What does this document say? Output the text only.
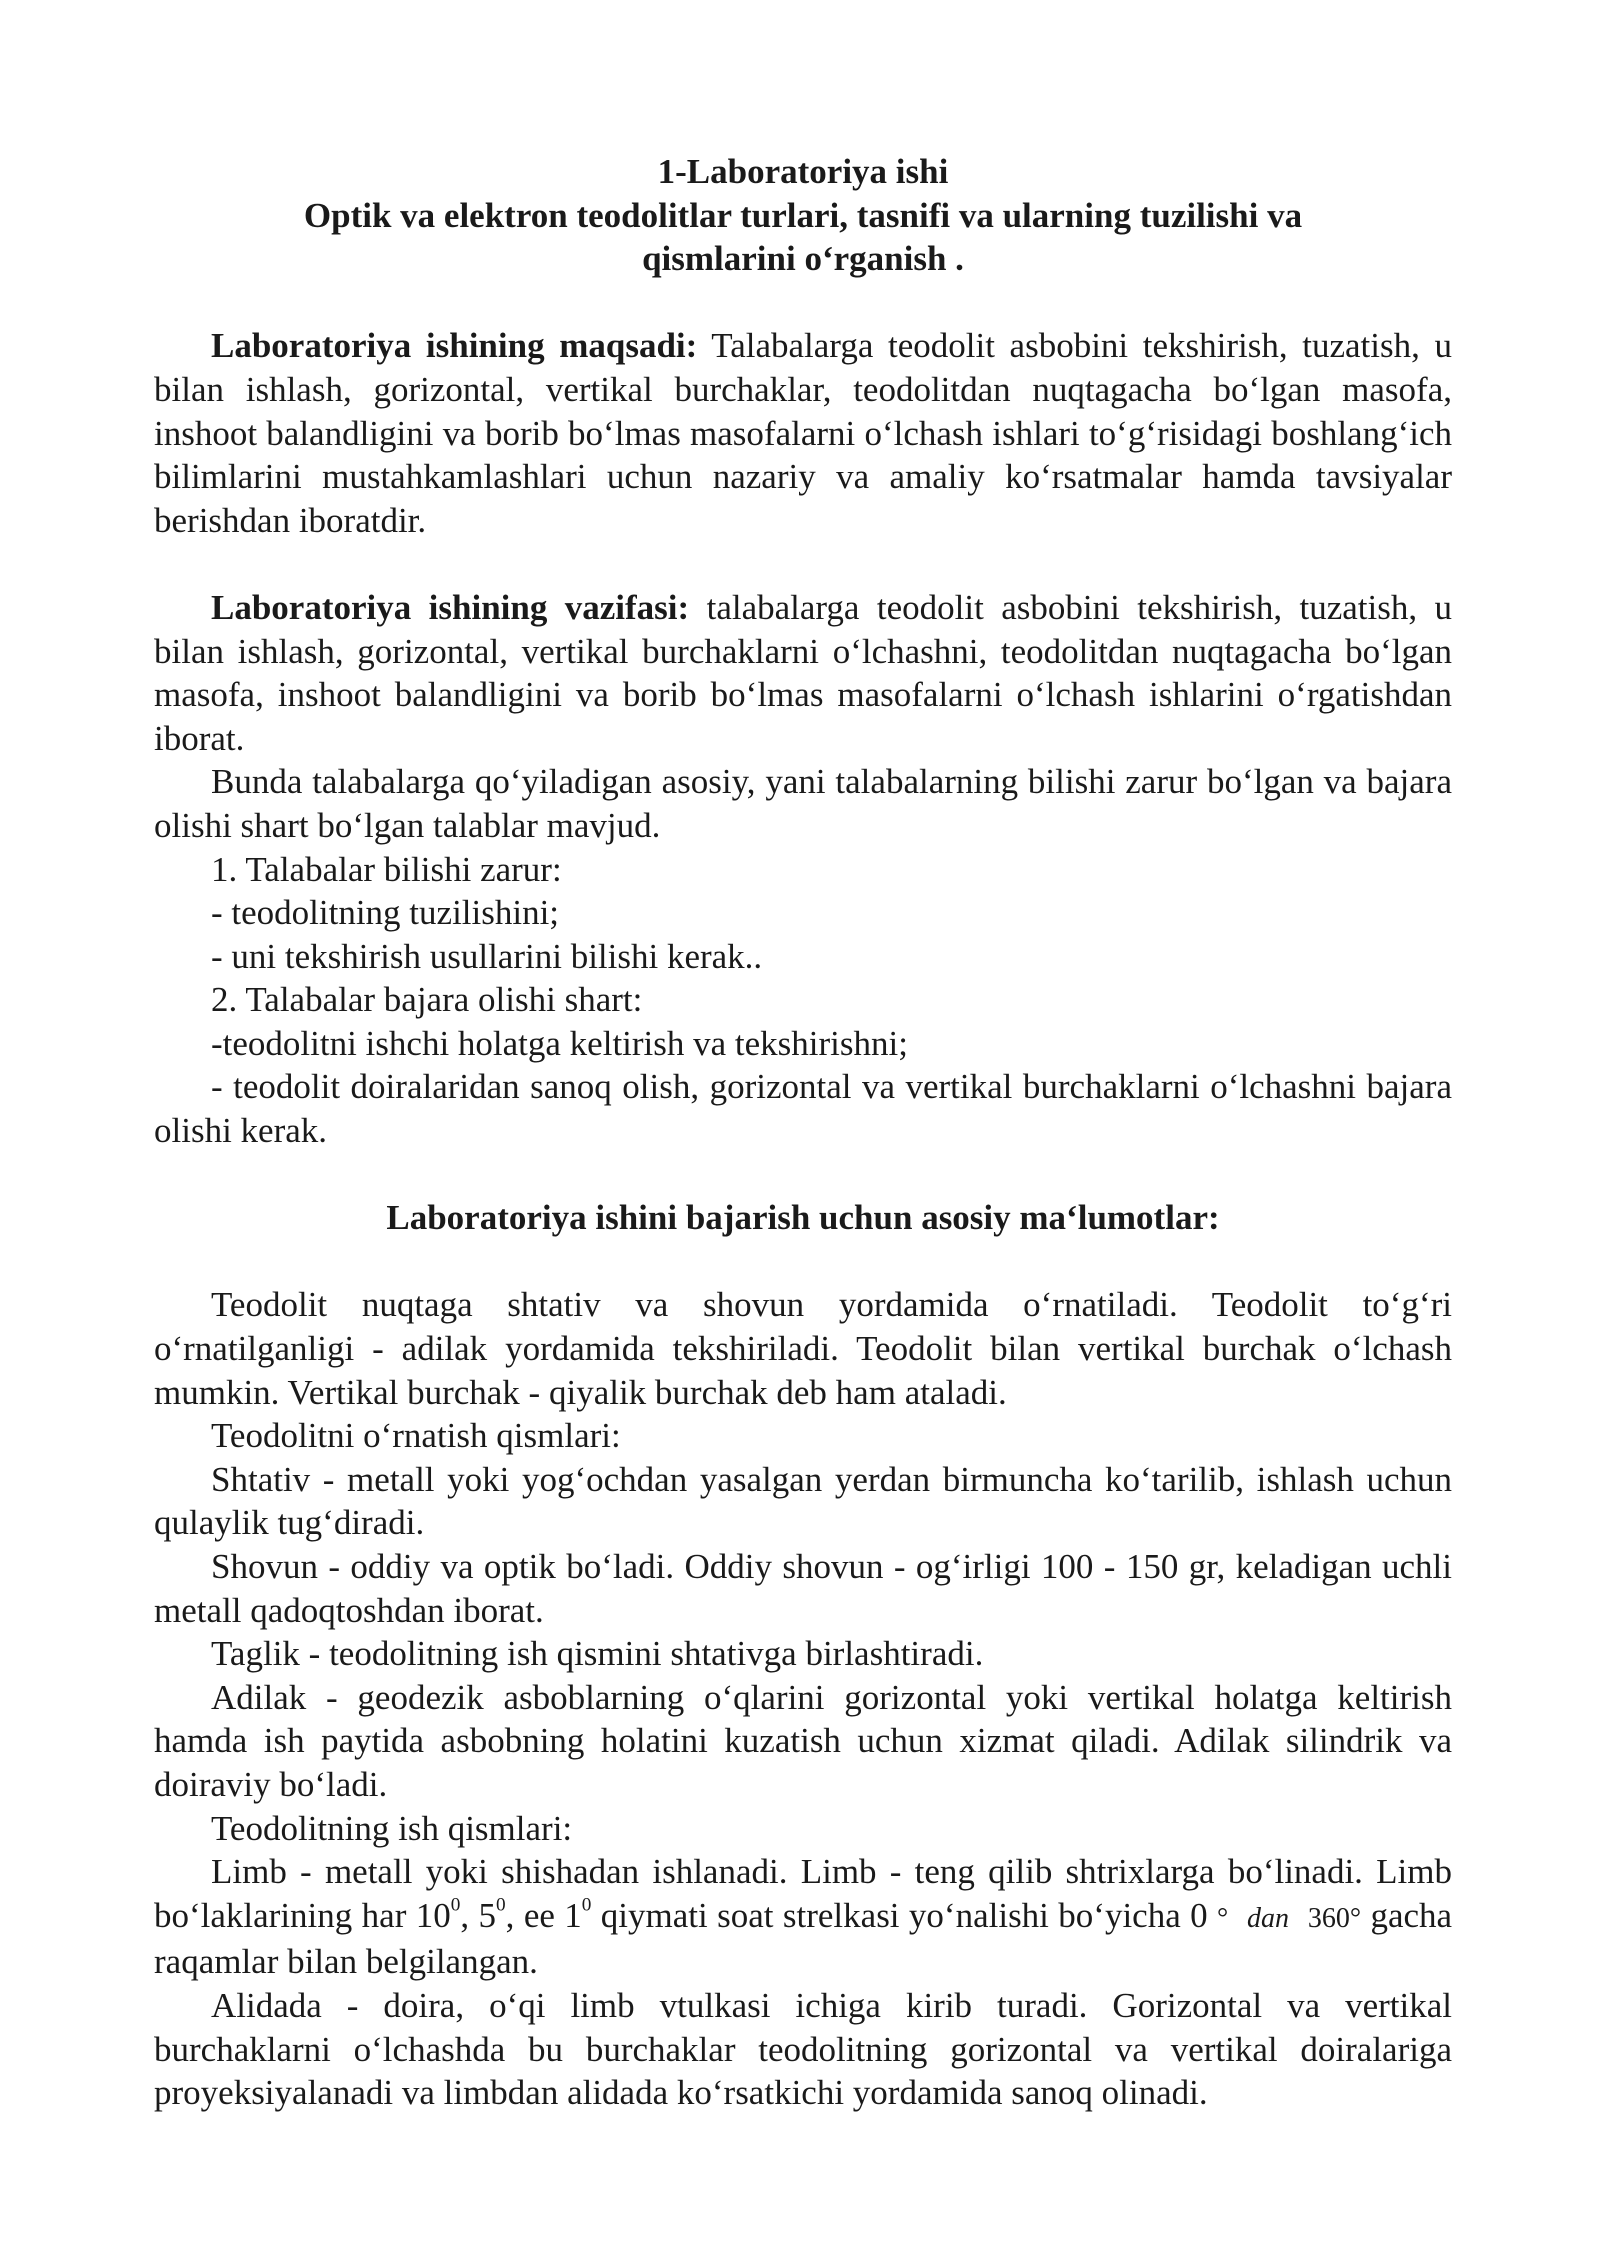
1-Laboratoriya ishi

Optik va elektron teodolitlar turlari, tasnifi va ularning tuzilishi va

qismlarini o‘rganish .

Laboratoriya ishining maqsadi: Talabalarga teodolit asbobini tekshirish, tuzatish, u bilan ishlash, gorizontal, vertikal burchaklar, teodolitdan nuqtagacha bo‘lgan masofa, inshoot balandligini va borib bo‘lmas masofalarni o‘lchash ishlari to‘g‘risidagi boshlang‘ich bilimlarini mustahkamlashlari uchun nazariy va amaliy ko‘rsatmalar hamda tavsiyalar berishdan iboratdir.

Laboratoriya ishining vazifasi: talabalarga teodolit asbobini tekshirish, tuzatish, u bilan ishlash, gorizontal, vertikal burchaklarni o‘lchashni, teodolitdan nuqtagacha bo‘lgan masofa, inshoot balandligini va borib bo‘lmas masofalarni o‘lchash ishlarini o‘rgatishdan iborat.

Bunda talabalarga qo‘yiladigan asosiy, yani talabalarning bilishi zarur bo‘lgan va bajara olishi shart bo‘lgan talablar mavjud.

1. Talabalar bilishi zarur:

- teodolitning tuzilishini;

- uni tekshirish usullarini bilishi kerak..

2. Talabalar bajara olishi shart:

-teodolitni ishchi holatga keltirish va tekshirishni;

- teodolit doiralaridan sanoq olish, gorizontal va vertikal burchaklarni o‘lchashni bajara olishi kerak.

Laboratoriya ishini bajarish uchun asosiy ma‘lumotlar:

Teodolit nuqtaga shtativ va shovun yordamida o‘rnatiladi. Teodolit to‘g‘ri o‘rnatilganligi - adilak yordamida tekshiriladi. Teodolit bilan vertikal burchak o‘lchash mumkin. Vertikal burchak - qiyalik burchak deb ham ataladi.

Teodolitni o‘rnatish qismlari:

Shtativ - metall yoki yog‘ochdan yasalgan yerdan birmuncha ko‘tarilib, ishlash uchun qulaylik tug‘diradi.

Shovun - oddiy va optik bo‘ladi. Oddiy shovun - og‘irligi 100 - 150 gr, keladigan uchli metall qadoqtoshdan iborat.

Taglik - teodolitning ish qismini shtativga birlashtiradi.

Adilak - geodezik asboblarning o‘qlarini gorizontal yoki vertikal holatga keltirish hamda ish paytida asbobning holatini kuzatish uchun xizmat qiladi. Adilak silindrik va doiraviy bo‘ladi.

Teodolitning ish qismlari:

Limb - metall yoki shishadan ishlanadi. Limb - teng qilib shtrixlarga bo‘linadi. Limb bo‘laklarining har $10^0$, $5^0$, ee $1^0$ qiymati soat strelkasi yo‘nalishi bo‘yicha 0 ° dan 360° gacha raqamlar bilan belgilangan.

Alidada - doira, o‘qi limb vtulkasi ichiga kirib turadi. Gorizontal va vertikal burchaklarni o‘lchashda bu burchaklar teodolitning gorizontal va vertikal doiralariga proyeksiyalanadi va limbdan alidada ko‘rsatkichi yordamida sanoq olinadi.
